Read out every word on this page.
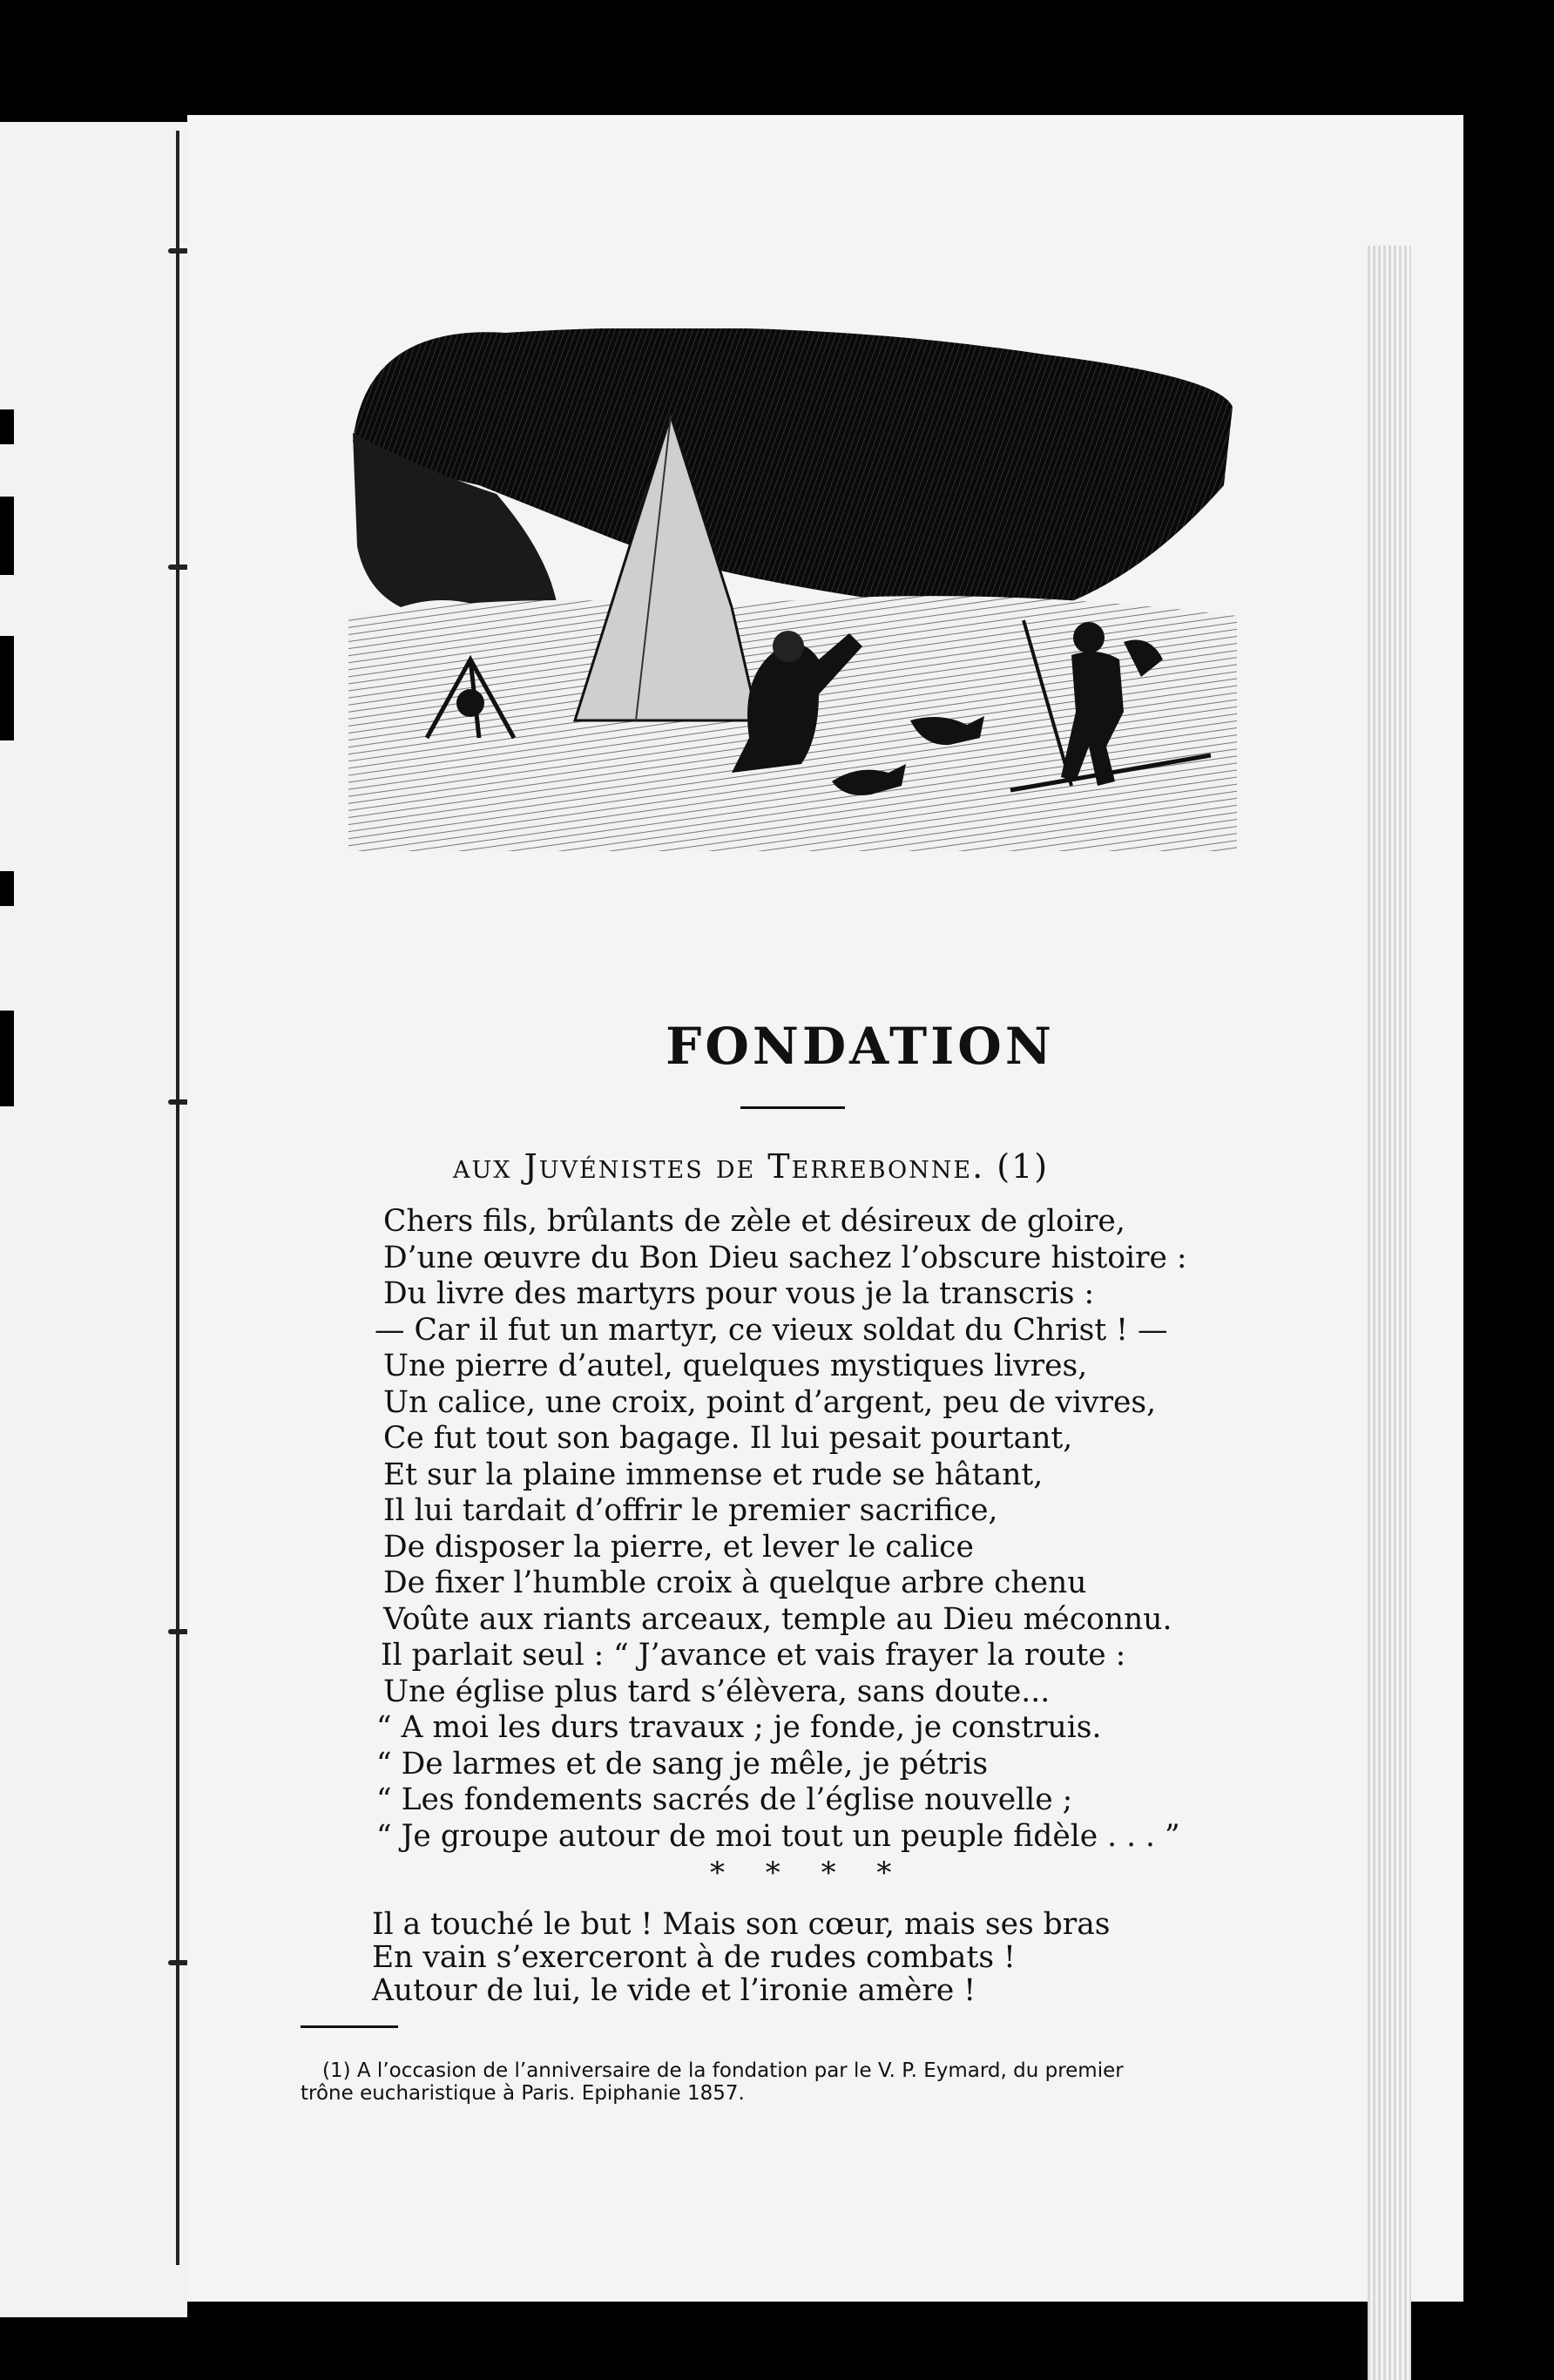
FONDATION
aux Juvénistes de Terrebonne. (1)
Chers fils, brûlants de zèle et désireux de gloire,
D’une œuvre du Bon Dieu sachez l’obscure histoire :
Du livre des martyrs pour vous je la transcris :
— Car il fut un martyr, ce vieux soldat du Christ ! —
Une pierre d’autel, quelques mystiques livres,
Un calice, une croix, point d’argent, peu de vivres,
Ce fut tout son bagage. Il lui pesait pourtant,
Et sur la plaine immense et rude se hâtant,
Il lui tardait d’offrir le premier sacrifice,
De disposer la pierre, et lever le calice
De fixer l’humble croix à quelque arbre chenu
Voûte aux riants arceaux, temple au Dieu méconnu.
Il parlait seul : “ J’avance et vais frayer la route :
Une église plus tard s’élèvera, sans doute...
“ A moi les durs travaux ; je fonde, je construis.
“ De larmes et de sang je mêle, je pétris
“ Les fondements sacrés de l’église nouvelle ;
“ Je groupe autour de moi tout un peuple fidèle . . . ”
* * * *
Il a touché le but ! Mais son cœur, mais ses bras
En vain s’exerceront à de rudes combats !
Autour de lui, le vide et l’ironie amère !
(1) A l’occasion de l’anniversaire de la fondation par le V. P. Eymard, du premier
trône eucharistique à Paris. Epiphanie 1857.
